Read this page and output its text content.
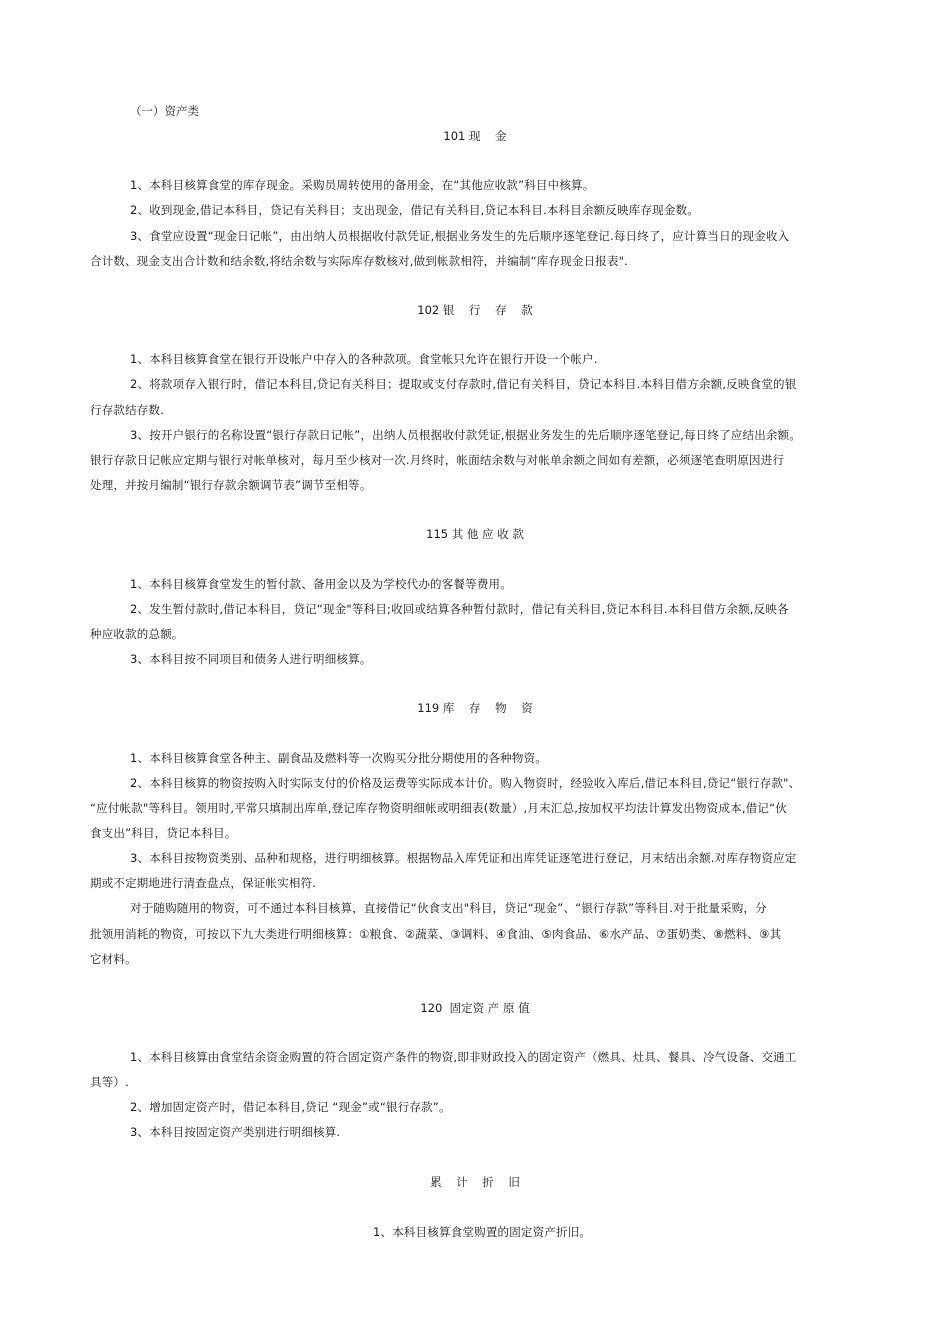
（一）资产类
101 现    金
1、本科目核算食堂的库存现金。采购员周转使用的备用金，在“其他应收款”科目中核算。
2、收到现金,借记本科目，贷记有关科目；支出现金，借记有关科目,贷记本科目.本科目余额反映库存现金数。
3、食堂应设置“现金日记帐”，由出纳人员根据收付款凭证,根据业务发生的先后顺序逐笔登记.每日终了，应计算当日的现金收入
合计数、现金支出合计数和结余数,将结余数与实际库存数核对,做到帐款相符，并编制“库存现金日报表".
102 银    行    存    款
1、本科目核算食堂在银行开设帐户中存入的各种款项。食堂帐只允许在银行开设一个帐户.
2、将款项存入银行时，借记本科目,贷记有关科目；提取或支付存款时,借记有关科目，贷记本科目.本科目借方余额,反映食堂的银
行存款结存数.
3、按开户银行的名称设置“银行存款日记帐”，出纳人员根据收付款凭证,根据业务发生的先后顺序逐笔登记,每日终了应结出余额。
银行存款日记帐应定期与银行对帐单核对，每月至少核对一次.月终时，帐面结余数与对帐单余额之间如有差额，必须逐笔查明原因进行
处理，并按月编制“银行存款余额调节表”调节至相等。
115 其 他 应 收 款
1、本科目核算食堂发生的暂付款、备用金以及为学校代办的客餐等费用。
2、发生暂付款时,借记本科目，贷记“现金"等科目;收回或结算各种暂付款时，借记有关科目,贷记本科目.本科目借方余额,反映各
种应收款的总额。
3、本科目按不同项目和债务人进行明细核算。
119 库    存    物    资
1、本科目核算食堂各种主、副食品及燃料等一次购买分批分期使用的各种物资。
2、本科目核算的物资按购入时实际支付的价格及运费等实际成本计价。购入物资时，经验收入库后,借记本科目,贷记“银行存款"、
“应付帐款"等科目。领用时,平常只填制出库单,登记库存物资明细帐或明细表(数量）,月末汇总,按加权平均法计算发出物资成本,借记“伙
食支出”科目，贷记本科目。
3、本科目按物资类别、品种和规格，进行明细核算。根据物品入库凭证和出库凭证逐笔进行登记，月末结出余额.对库存物资应定
期或不定期地进行清查盘点，保证帐实相符.
对于随购随用的物资，可不通过本科目核算，直接借记“伙食支出"科目，贷记“现金”、“银行存款”等科目.对于批量采购，分
批领用消耗的物资，可按以下九大类进行明细核算：①粮食、②蔬菜、③调料、④食油、⑤肉食品、⑥水产品、⑦蛋奶类、⑧燃料、⑨其
它材料。
120  固定资 产 原 值
1、本科目核算由食堂结余资金购置的符合固定资产条件的物资,即非财政投入的固定资产（燃具、灶具、餐具、冷气设备、交通工
具等）.
2、增加固定资产时，借记本科目,贷记 “现金”或“银行存款”。
3、本科目按固定资产类别进行明细核算.
累    计    折    旧
1、本科目核算食堂购置的固定资产折旧。
